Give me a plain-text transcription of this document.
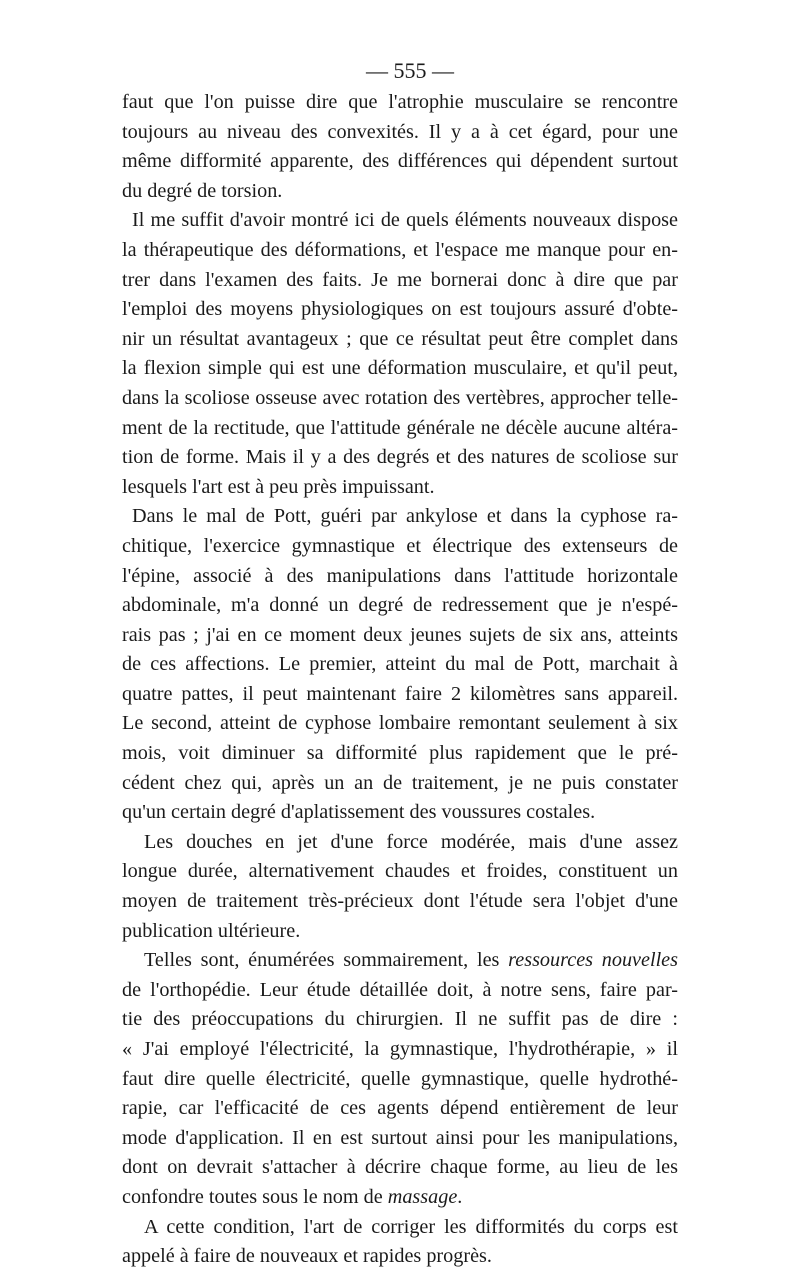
— 555 —

faut que l'on puisse dire que l'atrophie musculaire se rencontre
toujours au niveau des convexités. Il y a à cet égard, pour une
même difformité apparente, des différences qui dépendent surtout
du degré de torsion.

Il me suffit d'avoir montré ici de quels éléments nouveaux dispose
la thérapeutique des déformations, et l'espace me manque pour en-
trer dans l'examen des faits. Je me bornerai donc à dire que par
l'emploi des moyens physiologiques on est toujours assuré d'obte-
nir un résultat avantageux ; que ce résultat peut être complet dans
la flexion simple qui est une déformation musculaire, et qu'il peut,
dans la scoliose osseuse avec rotation des vertèbres, approcher telle-
ment de la rectitude, que l'attitude générale ne décèle aucune altéra-
tion de forme. Mais il y a des degrés et des natures de scoliose sur
lesquels l'art est à peu près impuissant.

Dans le mal de Pott, guéri par ankylose et dans la cyphose ra-
chitique, l'exercice gymnastique et électrique des extenseurs de
l'épine, associé à des manipulations dans l'attitude horizontale
abdominale, m'a donné un degré de redressement que je n'espé-
rais pas ; j'ai en ce moment deux jeunes sujets de six ans, atteints
de ces affections. Le premier, atteint du mal de Pott, marchait à
quatre pattes, il peut maintenant faire 2 kilomètres sans appareil.
Le second, atteint de cyphose lombaire remontant seulement à six
mois, voit diminuer sa difformité plus rapidement que le pré-
cédent chez qui, après un an de traitement, je ne puis constater
qu'un certain degré d'aplatissement des voussures costales.

Les douches en jet d'une force modérée, mais d'une assez
longue durée, alternativement chaudes et froides, constituent un
moyen de traitement très-précieux dont l'étude sera l'objet d'une
publication ultérieure.

Telles sont, énumérées sommairement, les ressources nouvelles
de l'orthopédie. Leur étude détaillée doit, à notre sens, faire par-
tie des préoccupations du chirurgien. Il ne suffit pas de dire :
« J'ai employé l'électricité, la gymnastique, l'hydrothérapie, » il
faut dire quelle électricité, quelle gymnastique, quelle hydrothé-
rapie, car l'efficacité de ces agents dépend entièrement de leur
mode d'application. Il en est surtout ainsi pour les manipulations,
dont on devrait s'attacher à décrire chaque forme, au lieu de les
confondre toutes sous le nom de massage.

A cette condition, l'art de corriger les difformités du corps est
appelé à faire de nouveaux et rapides progrès.
